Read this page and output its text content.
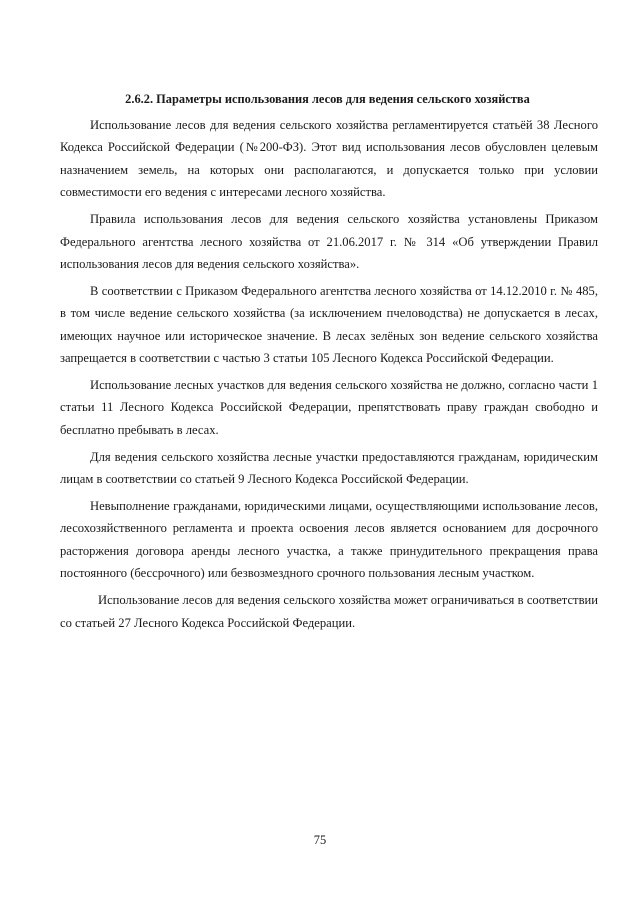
2.6.2. Параметры использования лесов для ведения сельского хозяйства

Использование лесов для ведения сельского хозяйства регламентируется статьёй 38 Лесного Кодекса Российской Федерации (№200-ФЗ). Этот вид использования лесов обусловлен целевым назначением земель, на которых они располагаются, и допускается только при условии совместимости его ведения с интересами лесного хозяйства.

Правила использования лесов для ведения сельского хозяйства установлены Приказом Федерального агентства лесного хозяйства от 21.06.2017 г. № 314 «Об утверждении Правил использования лесов для ведения сельского хозяйства».

В соответствии с Приказом Федерального агентства лесного хозяйства от 14.12.2010 г. № 485, в том числе ведение сельского хозяйства (за исключением пчеловодства) не допускается в лесах, имеющих научное или историческое значение. В лесах зелёных зон ведение сельского хозяйства запрещается в соответствии с частью 3 статьи 105 Лесного Кодекса Российской Федерации.

Использование лесных участков для ведения сельского хозяйства не должно, согласно части 1 статьи 11 Лесного Кодекса Российской Федерации, препятствовать праву граждан свободно и бесплатно пребывать в лесах.

Для ведения сельского хозяйства лесные участки предоставляются гражданам, юридическим лицам в соответствии со статьей 9 Лесного Кодекса Российской Федерации.

Невыполнение гражданами, юридическими лицами, осуществляющими использование лесов, лесохозяйственного регламента и проекта освоения лесов является основанием для досрочного расторжения договора аренды лесного участка, а также принудительного прекращения права постоянного (бессрочного) или безвозмездного срочного пользования лесным участком.

Использование лесов для ведения сельского хозяйства может ограничиваться в соответствии со статьей 27 Лесного Кодекса Российской Федерации.

75
